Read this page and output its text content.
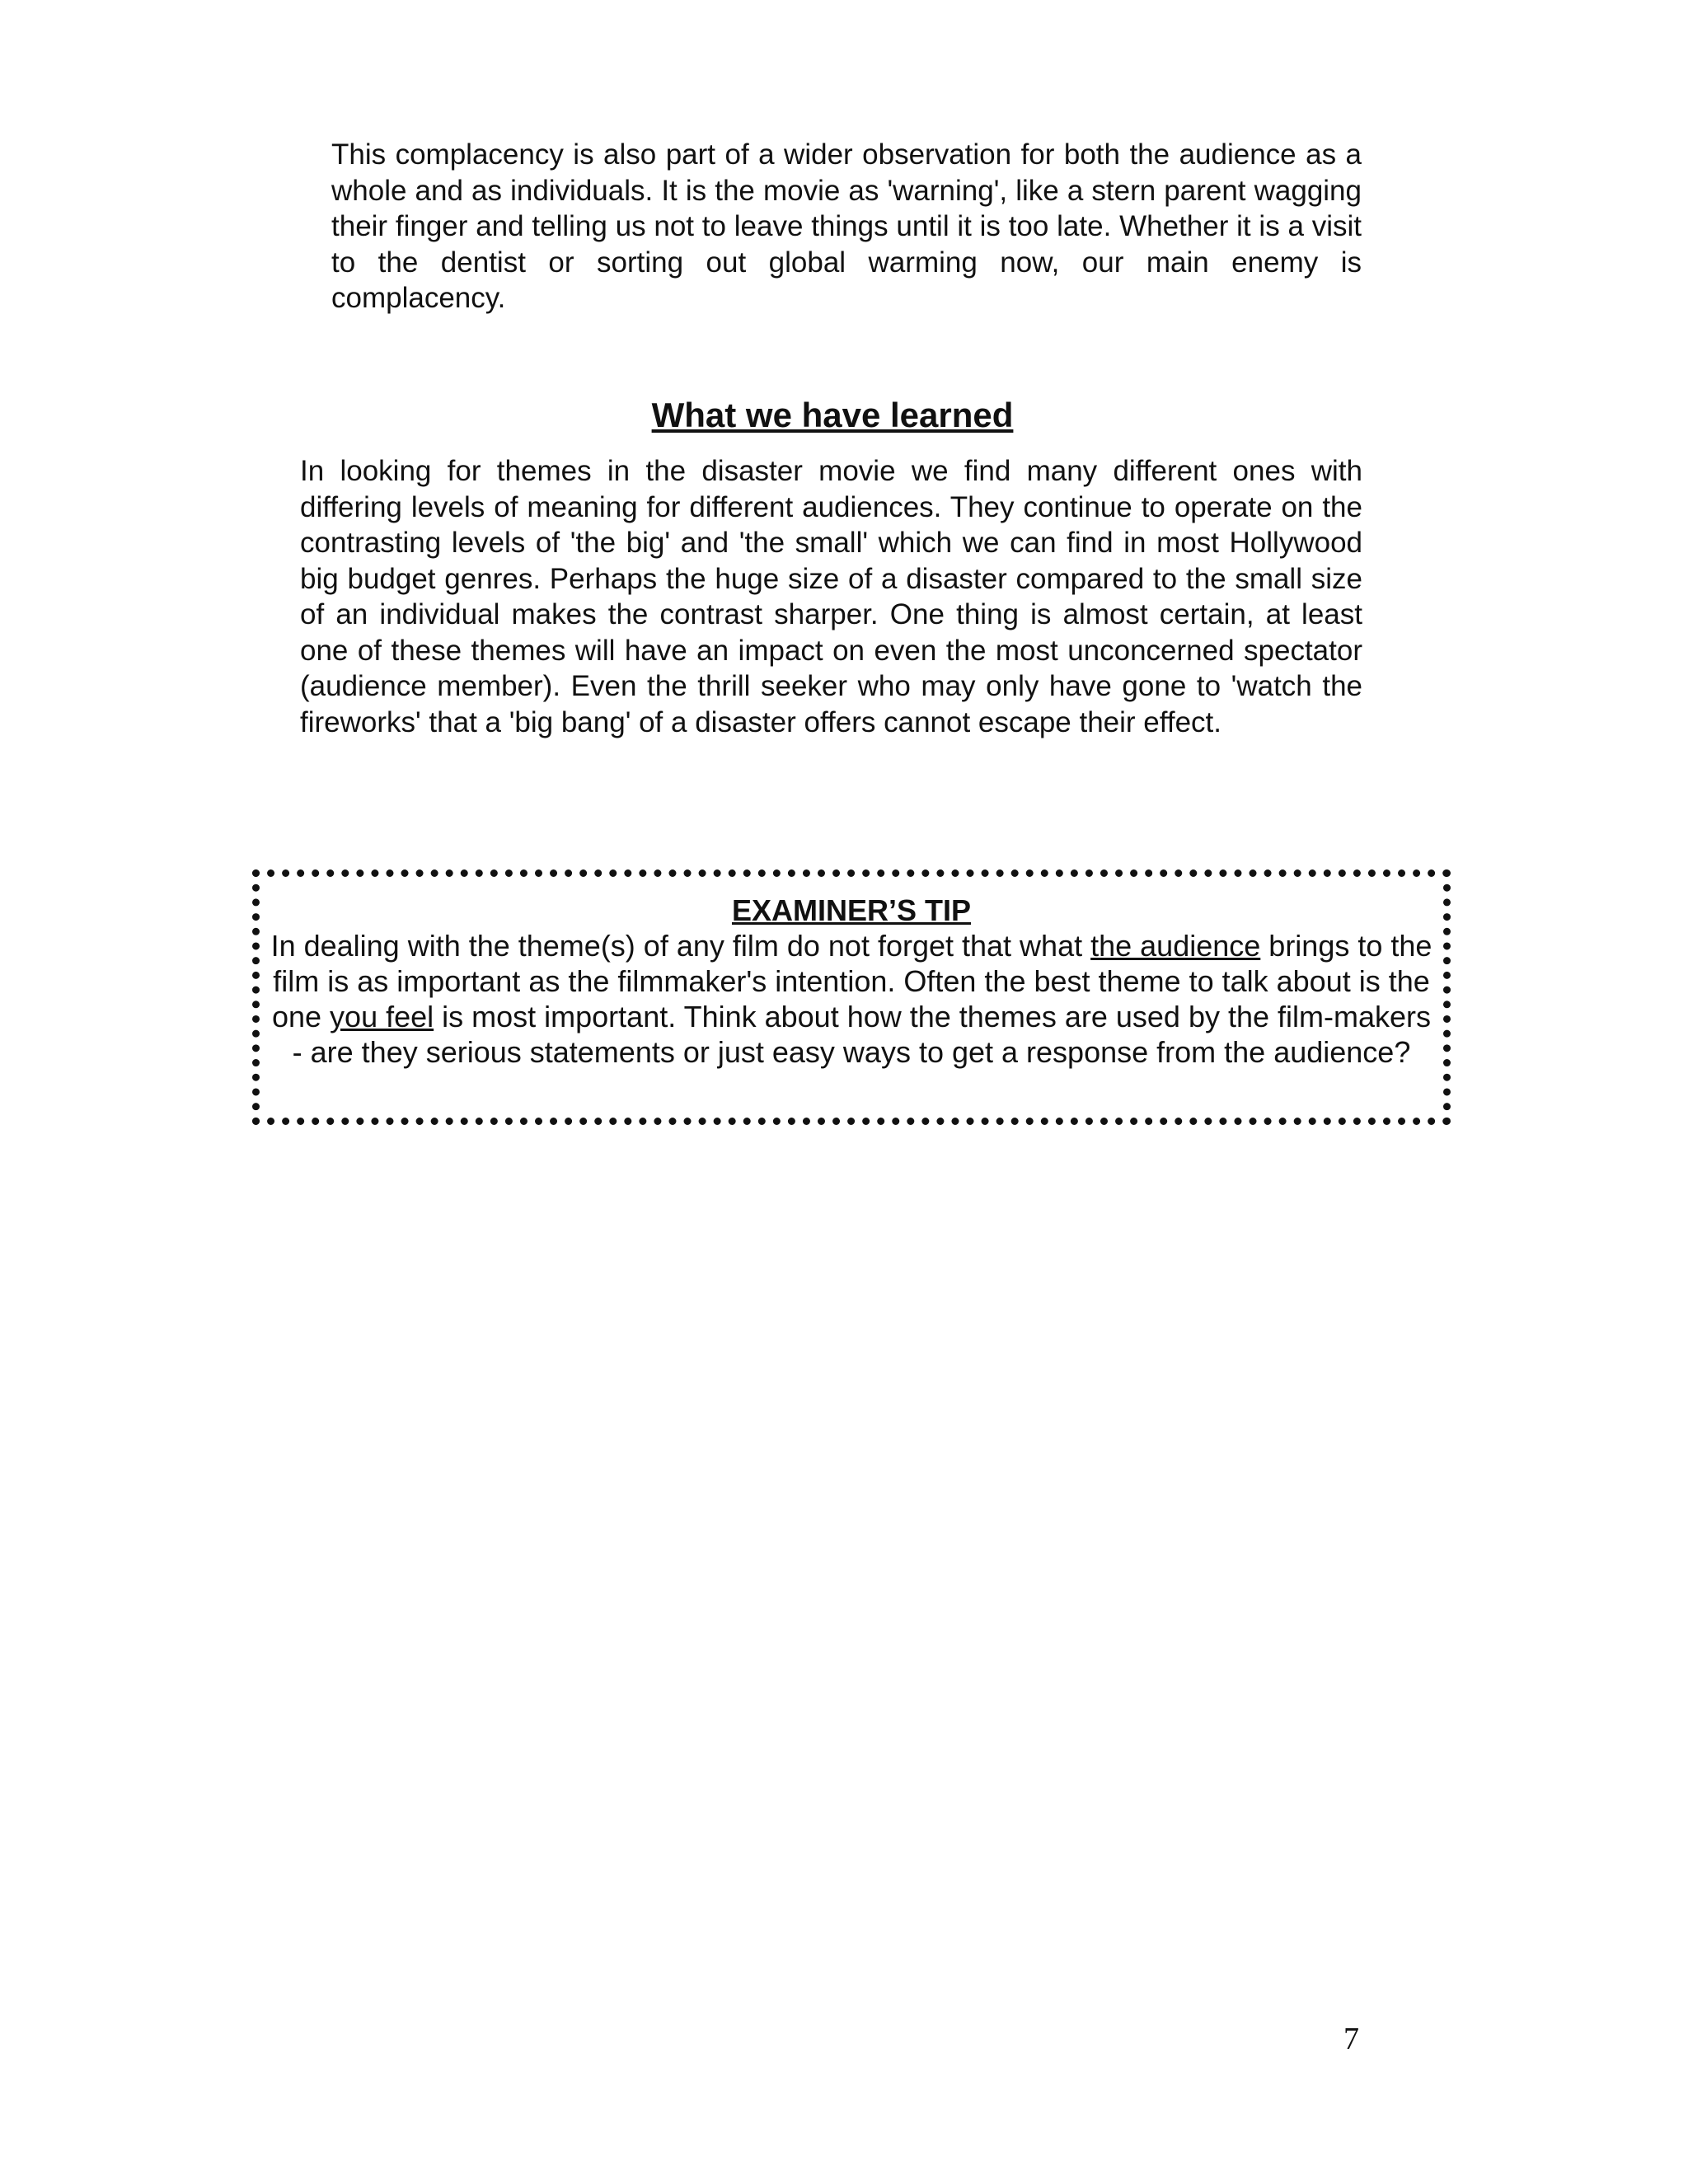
This complacency is also part of a wider observation for both the audience as a whole and as individuals. It is the movie as 'warning', like a stern parent wagging their finger and telling us not to leave things until it is too late. Whether it is a visit to the dentist or sorting out global warming now, our main enemy is complacency.

What we have learned

In looking for themes in the disaster movie we find many different ones with differing levels of meaning for different audiences. They continue to operate on the contrasting levels of 'the big' and 'the small' which we can find in most Hollywood big budget genres. Perhaps the huge size of a disaster compared to the small size of an individual makes the contrast sharper. One thing is almost certain, at least one of these themes will have an impact on even the most unconcerned spectator (audience member). Even the thrill seeker who may only have gone to 'watch the fireworks' that a 'big bang' of a disaster offers cannot escape their effect.

EXAMINER’S TIP

In dealing with the theme(s) of any film do not forget that what the audience brings to the film is as important as the filmmaker's intention. Often the best theme to talk about is the one you feel is most important. Think about how the themes are used by the film-makers - are they serious statements or just easy ways to get a response from the audience?

7
